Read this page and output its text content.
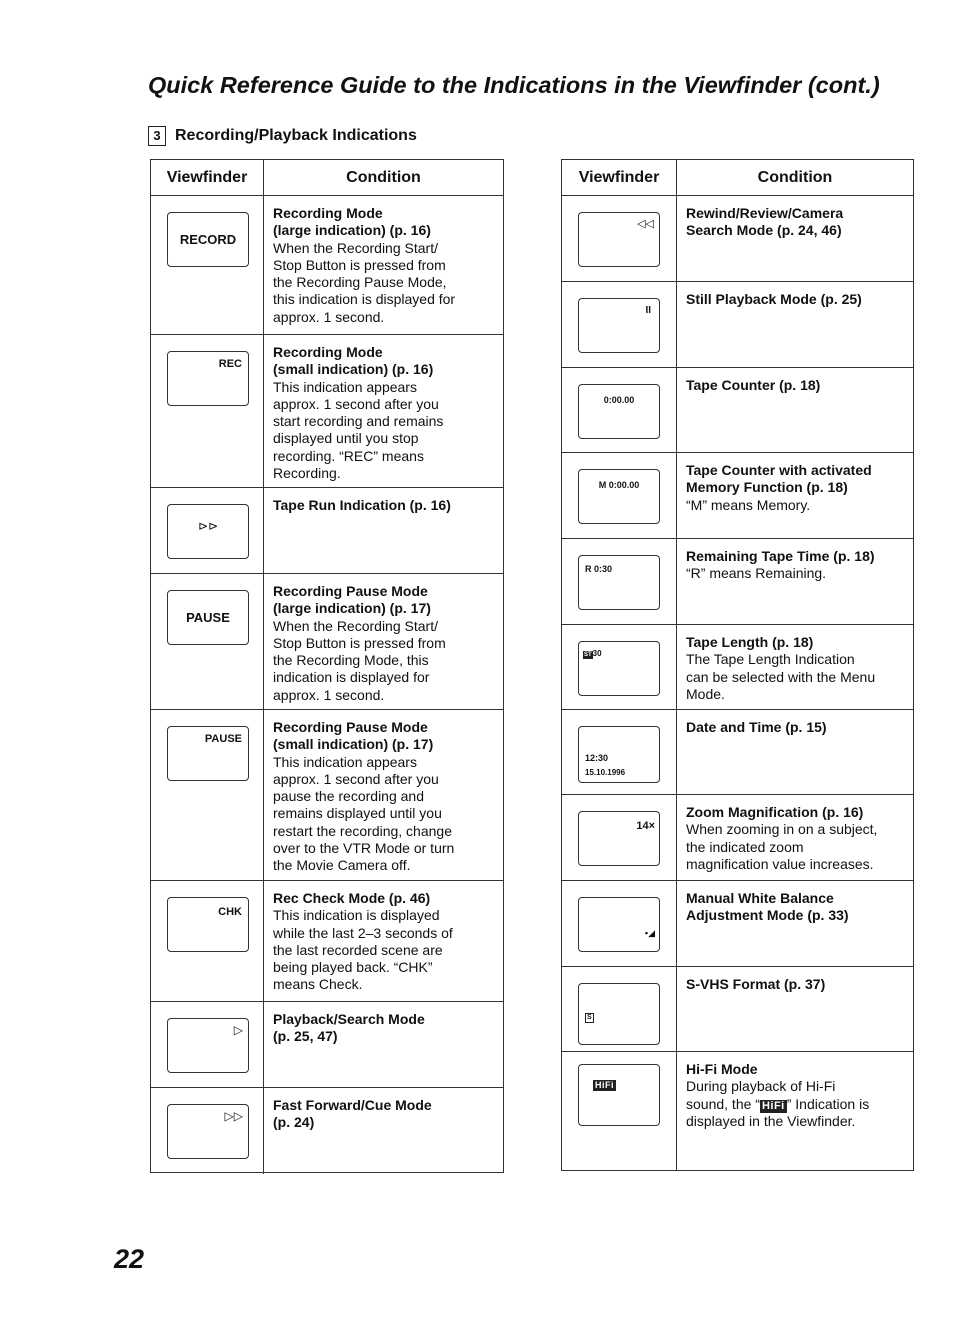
Quick Reference Guide to the Indications in the Viewfinder (cont.)
3 Recording/Playback Indications
Viewfinder	Condition
RECORD
Recording Mode
(large indication) (p. 16)
When the Recording Start/
Stop Button is pressed from
the Recording Pause Mode,
this indication is displayed for
approx. 1 second.
REC
Recording Mode
(small indication) (p. 16)
This indication appears
approx. 1 second after you
start recording and remains
displayed until you stop
recording. “REC” means
Recording.
⊳⊳
Tape Run Indication (p. 16)
PAUSE
Recording Pause Mode
(large indication) (p. 17)
When the Recording Start/
Stop Button is pressed from
the Recording Mode, this
indication is displayed for
approx. 1 second.
PAUSE
Recording Pause Mode
(small indication) (p. 17)
This indication appears
approx. 1 second after you
pause the recording and
remains displayed until you
restart the recording, change
over to the VTR Mode or turn
the Movie Camera off.
CHK
Rec Check Mode (p. 46)
This indication is displayed
while the last 2–3 seconds of
the last recorded scene are
being played back. “CHK”
means Check.
▷
Playback/Search Mode
(p. 25, 47)
▷▷
Fast Forward/Cue Mode
(p. 24)
Viewfinder	Condition
◁◁
Rewind/Review/Camera
Search Mode (p. 24, 46)
II
Still Playback Mode (p. 25)
0:00.00
Tape Counter (p. 18)
M 0:00.00
Tape Counter with activated
Memory Function (p. 18)
“M” means Memory.
R 0:30
Remaining Tape Time (p. 18)
“R” means Remaining.
ST30
Tape Length (p. 18)
The Tape Length Indication
can be selected with the Menu
Mode.
12:30
15.10.1996
Date and Time (p. 15)
14×
Zoom Magnification (p. 16)
When zooming in on a subject,
the indicated zoom
magnification value increases.
▪◢
Manual White Balance
Adjustment Mode (p. 33)
S
S-VHS Format (p. 37)
HiFi
Hi-Fi Mode
During playback of Hi-Fi
sound, the “ HiFi ” Indication is
displayed in the Viewfinder.
22
